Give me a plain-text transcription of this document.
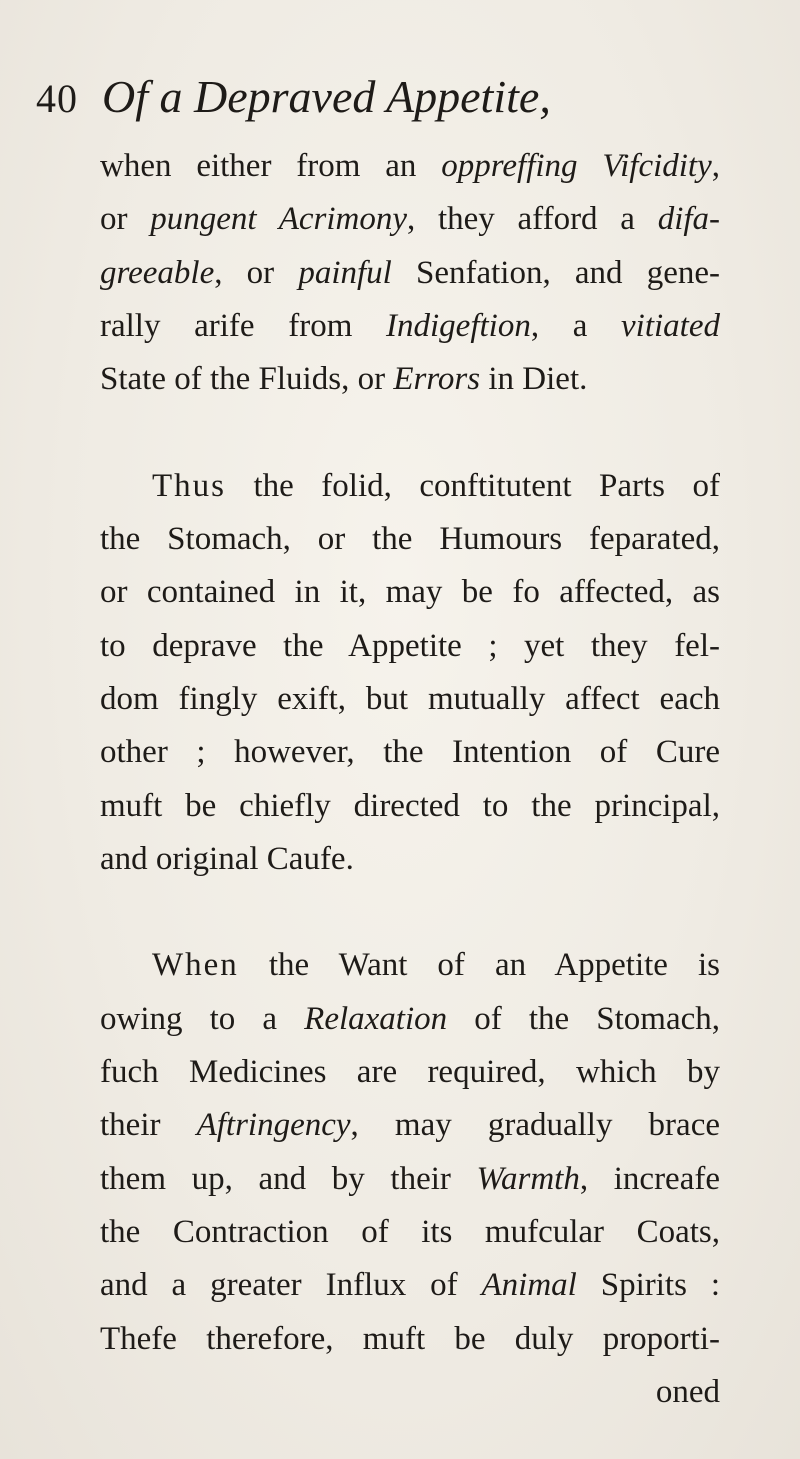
40 Of a Depraved Appetite,
when either from an oppreffing Vifcidity,
or pungent Acrimony, they afford a difa-
greeable, or painful Senfation, and gene-
rally arife from Indigeftion, a vitiated
State of the Fluids, or Errors in Diet.
Thus the folid, conftitutent Parts of
the Stomach, or the Humours feparated,
or contained in it, may be fo affected, as
to deprave the Appetite ; yet they fel-
dom fingly exift, but mutually affect each
other ; however, the Intention of Cure
muft be chiefly directed to the principal,
and original Caufe.
When the Want of an Appetite is
owing to a Relaxation of the Stomach,
fuch Medicines are required, which by
their Aftringency, may gradually brace
them up, and by their Warmth, increafe
the Contraction of its mufcular Coats,
and a greater Influx of Animal Spirits :
Thefe therefore, muft be duly proporti-
oned
